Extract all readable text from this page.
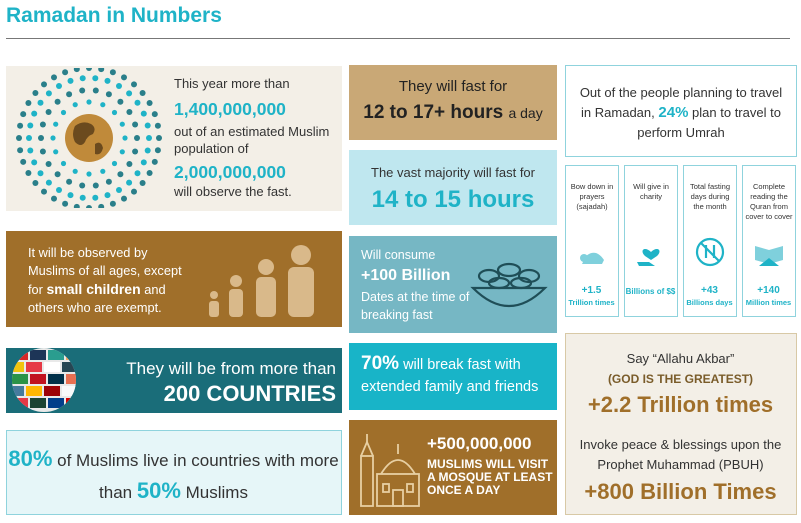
Ramadan in Numbers
This year more than
1,400,000,000
out of an estimated Muslim population of
2,000,000,000
will observe the fast.
It will be observed by Muslims of all ages, except for small children and others who are exempt.
They will be from more than
200 COUNTRIES
80% of Muslims live in countries with more than 50% Muslims
They will fast for
12 to 17+ hours a day
The vast majority will fast for
14 to 15 hours
Will consume
+100 Billion
Dates at the time of breaking fast
70% will break fast with extended family and friends
+500,000,000
MUSLIMS WILL VISIT A MOSQUE AT LEAST ONCE A DAY
Out of the people planning to travel in Ramadan, 24% plan to travel to perform Umrah
Bow down in prayers (sajadah)
+1.5
Trillion times
Will give in charity
Billions of $$
Total fasting days during the month
+43
Billions days
Complete reading the Quran from cover to cover
+140
Million times
Say “Allahu Akbar”
(GOD IS THE GREATEST)
+2.2 Trillion times
Invoke peace & blessings upon the Prophet Muhammad (PBUH)
+800 Billion Times
